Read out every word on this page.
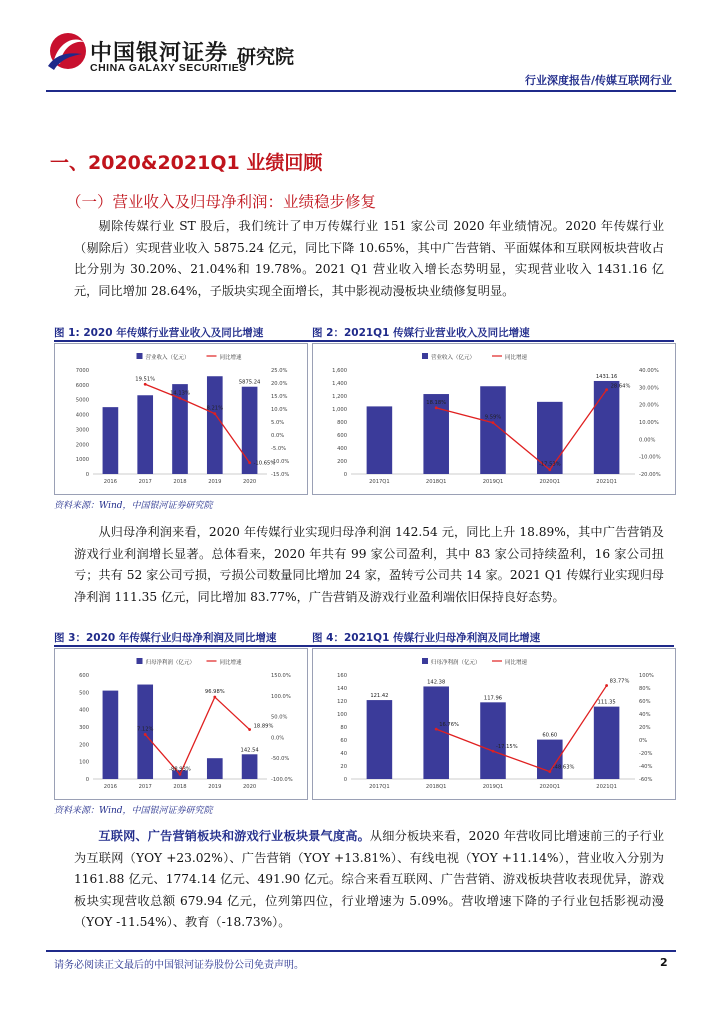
中国银河证券
CHINA GALAXY SECURITIES
研究院
行业深度报告/传媒互联网行业
一、2020&2021Q1 业绩回顾
（一）营业收入及归母净利润：业绩稳步修复
剔除传媒行业 ST 股后，我们统计了申万传媒行业 151 家公司 2020 年业绩情况。2020 年传媒行业（剔除后）实现营业收入 5875.24 亿元，同比下降 10.65%，其中广告营销、平面媒体和互联网板块营收占比分别为 30.20%、21.04%和 19.78%。2021 Q1 营业收入增长态势明显，实现营业收入 1431.16 亿元，同比增加 28.64%，子版块实现全面增长，其中影视动漫板块业绩修复明显。
图 1: 2020 年传媒行业营业收入及同比增速	图 2：2021Q1 传媒行业营业收入及同比增速
营业收入（亿元）	同比增速
0
1000
2000
3000
4000
5000
6000
7000
-15.0%
-10.0%
-5.0%
0.0%
5.0%
10.0%
15.0%
20.0%
25.0%
2016	2017	2018	2019	2020
19.51%
14.13%
8.21%
5875.24
-10.65%
营业收入（亿元）	同比增速
0
200
400
600
800
1,000
1,200
1,400
1,600
-20.00%
-10.00%
0.00%
10.00%
20.00%
30.00%
40.00%
2017Q1	2018Q1	2019Q1	2020Q1	2021Q1
18.18%
9.59%
-17.53%
1431.16
28.64%
资料来源：Wind，中国银河证券研究院
从归母净利润来看，2020 年传媒行业实现归母净利润 142.54 元，同比上升 18.89%，其中广告营销及游戏行业利润增长显著。总体看来，2020 年共有 99 家公司盈利，其中 83 家公司持续盈利，16 家公司扭亏；共有 52 家公司亏损，亏损公司数量同比增加 24 家，盈转亏公司共 14 家。2021 Q1 传媒行业实现归母净利润 111.35 亿元，同比增加 83.77%，广告营销及游戏行业盈利端依旧保持良好态势。
图 3：2020 年传媒行业归母净利润及同比增速	图 4：2021Q1 传媒行业归母净利润及同比增速
归母净利润（亿元）	同比增速
0
100
200
300
400
500
600
-100.0%
-50.0%
0.0%
50.0%
100.0%
150.0%
2016	2017	2018	2019	2020
7.12%
-88.93%
96.98%
142.54
18.89%
归母净利润（亿元）	同比增速
0
20
40
60
80
100
120
140
160
-60%
-40%
-20%
0%
20%
40%
60%
80%
100%
2017Q1	2018Q1	2019Q1	2020Q1	2021Q1
121.42
142.38
117.96
60.60
111.35
16.76%
-17.15%
-48.63%
83.77%
资料来源：Wind，中国银河证券研究院
互联网、广告营销板块和游戏行业板块景气度高。从细分板块来看，2020 年营收同比增速前三的子行业为互联网（YOY +23.02%）、广告营销（YOY +13.81%）、有线电视（YOY +11.14%），营业收入分别为 1161.88 亿元、1774.14 亿元、491.90 亿元。综合来看互联网、广告营销、游戏板块营收表现优异，游戏板块实现营收总额 679.94 亿元，位列第四位，行业增速为 5.09%。营收增速下降的子行业包括影视动漫（YOY -11.54%）、教育（-18.73%）。
请务必阅读正文最后的中国银河证券股份公司免责声明。	2
